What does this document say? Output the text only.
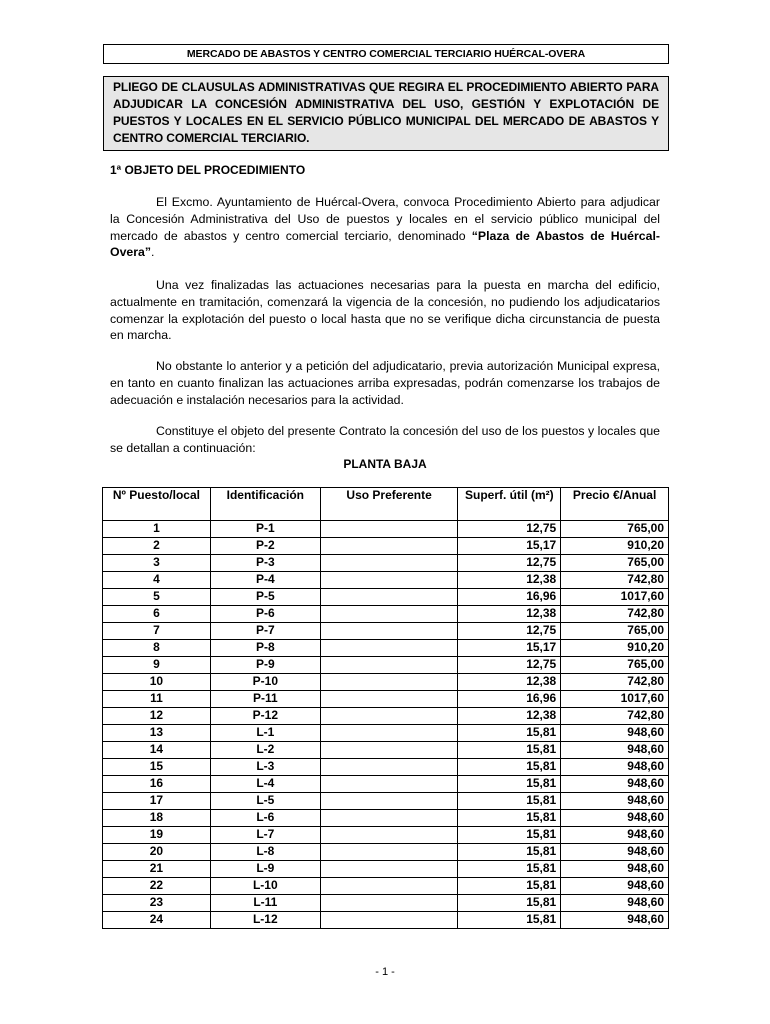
MERCADO DE ABASTOS Y CENTRO COMERCIAL TERCIARIO HUÉRCAL-OVERA
PLIEGO DE CLAUSULAS ADMINISTRATIVAS QUE REGIRA EL PROCEDIMIENTO ABIERTO PARA ADJUDICAR LA CONCESIÓN ADMINISTRATIVA DEL USO, GESTIÓN Y EXPLOTACIÓN DE PUESTOS Y LOCALES EN EL SERVICIO PÚBLICO MUNICIPAL DEL MERCADO DE ABASTOS Y CENTRO COMERCIAL TERCIARIO.
1ª OBJETO DEL PROCEDIMIENTO
El Excmo. Ayuntamiento de Huércal-Overa, convoca Procedimiento Abierto para adjudicar la Concesión Administrativa del Uso de puestos y locales en el servicio público municipal del mercado de abastos y centro comercial terciario, denominado “Plaza de Abastos de Huércal-Overa”.
Una vez finalizadas las actuaciones necesarias para la puesta en marcha del edificio, actualmente en tramitación, comenzará la vigencia de la concesión, no pudiendo los adjudicatarios comenzar la explotación del puesto o local hasta que no se verifique dicha circunstancia de puesta en marcha.
No obstante lo anterior y a petición del adjudicatario, previa autorización Municipal expresa, en tanto en cuanto finalizan las actuaciones arriba expresadas, podrán comenzarse los trabajos de adecuación e instalación necesarios para la actividad.
Constituye el objeto del presente Contrato la concesión del uso de los puestos y locales que se detallan a continuación:
PLANTA BAJA
Nº Puesto/local	Identificación	Uso Preferente	Superf. útil (m²)	Precio €/Anual
1	P-1		12,75	765,00
2	P-2		15,17	910,20
3	P-3		12,75	765,00
4	P-4		12,38	742,80
5	P-5		16,96	1017,60
6	P-6		12,38	742,80
7	P-7		12,75	765,00
8	P-8		15,17	910,20
9	P-9		12,75	765,00
10	P-10		12,38	742,80
11	P-11		16,96	1017,60
12	P-12		12,38	742,80
13	L-1		15,81	948,60
14	L-2		15,81	948,60
15	L-3		15,81	948,60
16	L-4		15,81	948,60
17	L-5		15,81	948,60
18	L-6		15,81	948,60
19	L-7		15,81	948,60
20	L-8		15,81	948,60
21	L-9		15,81	948,60
22	L-10		15,81	948,60
23	L-11		15,81	948,60
24	L-12		15,81	948,60
- 1 -
